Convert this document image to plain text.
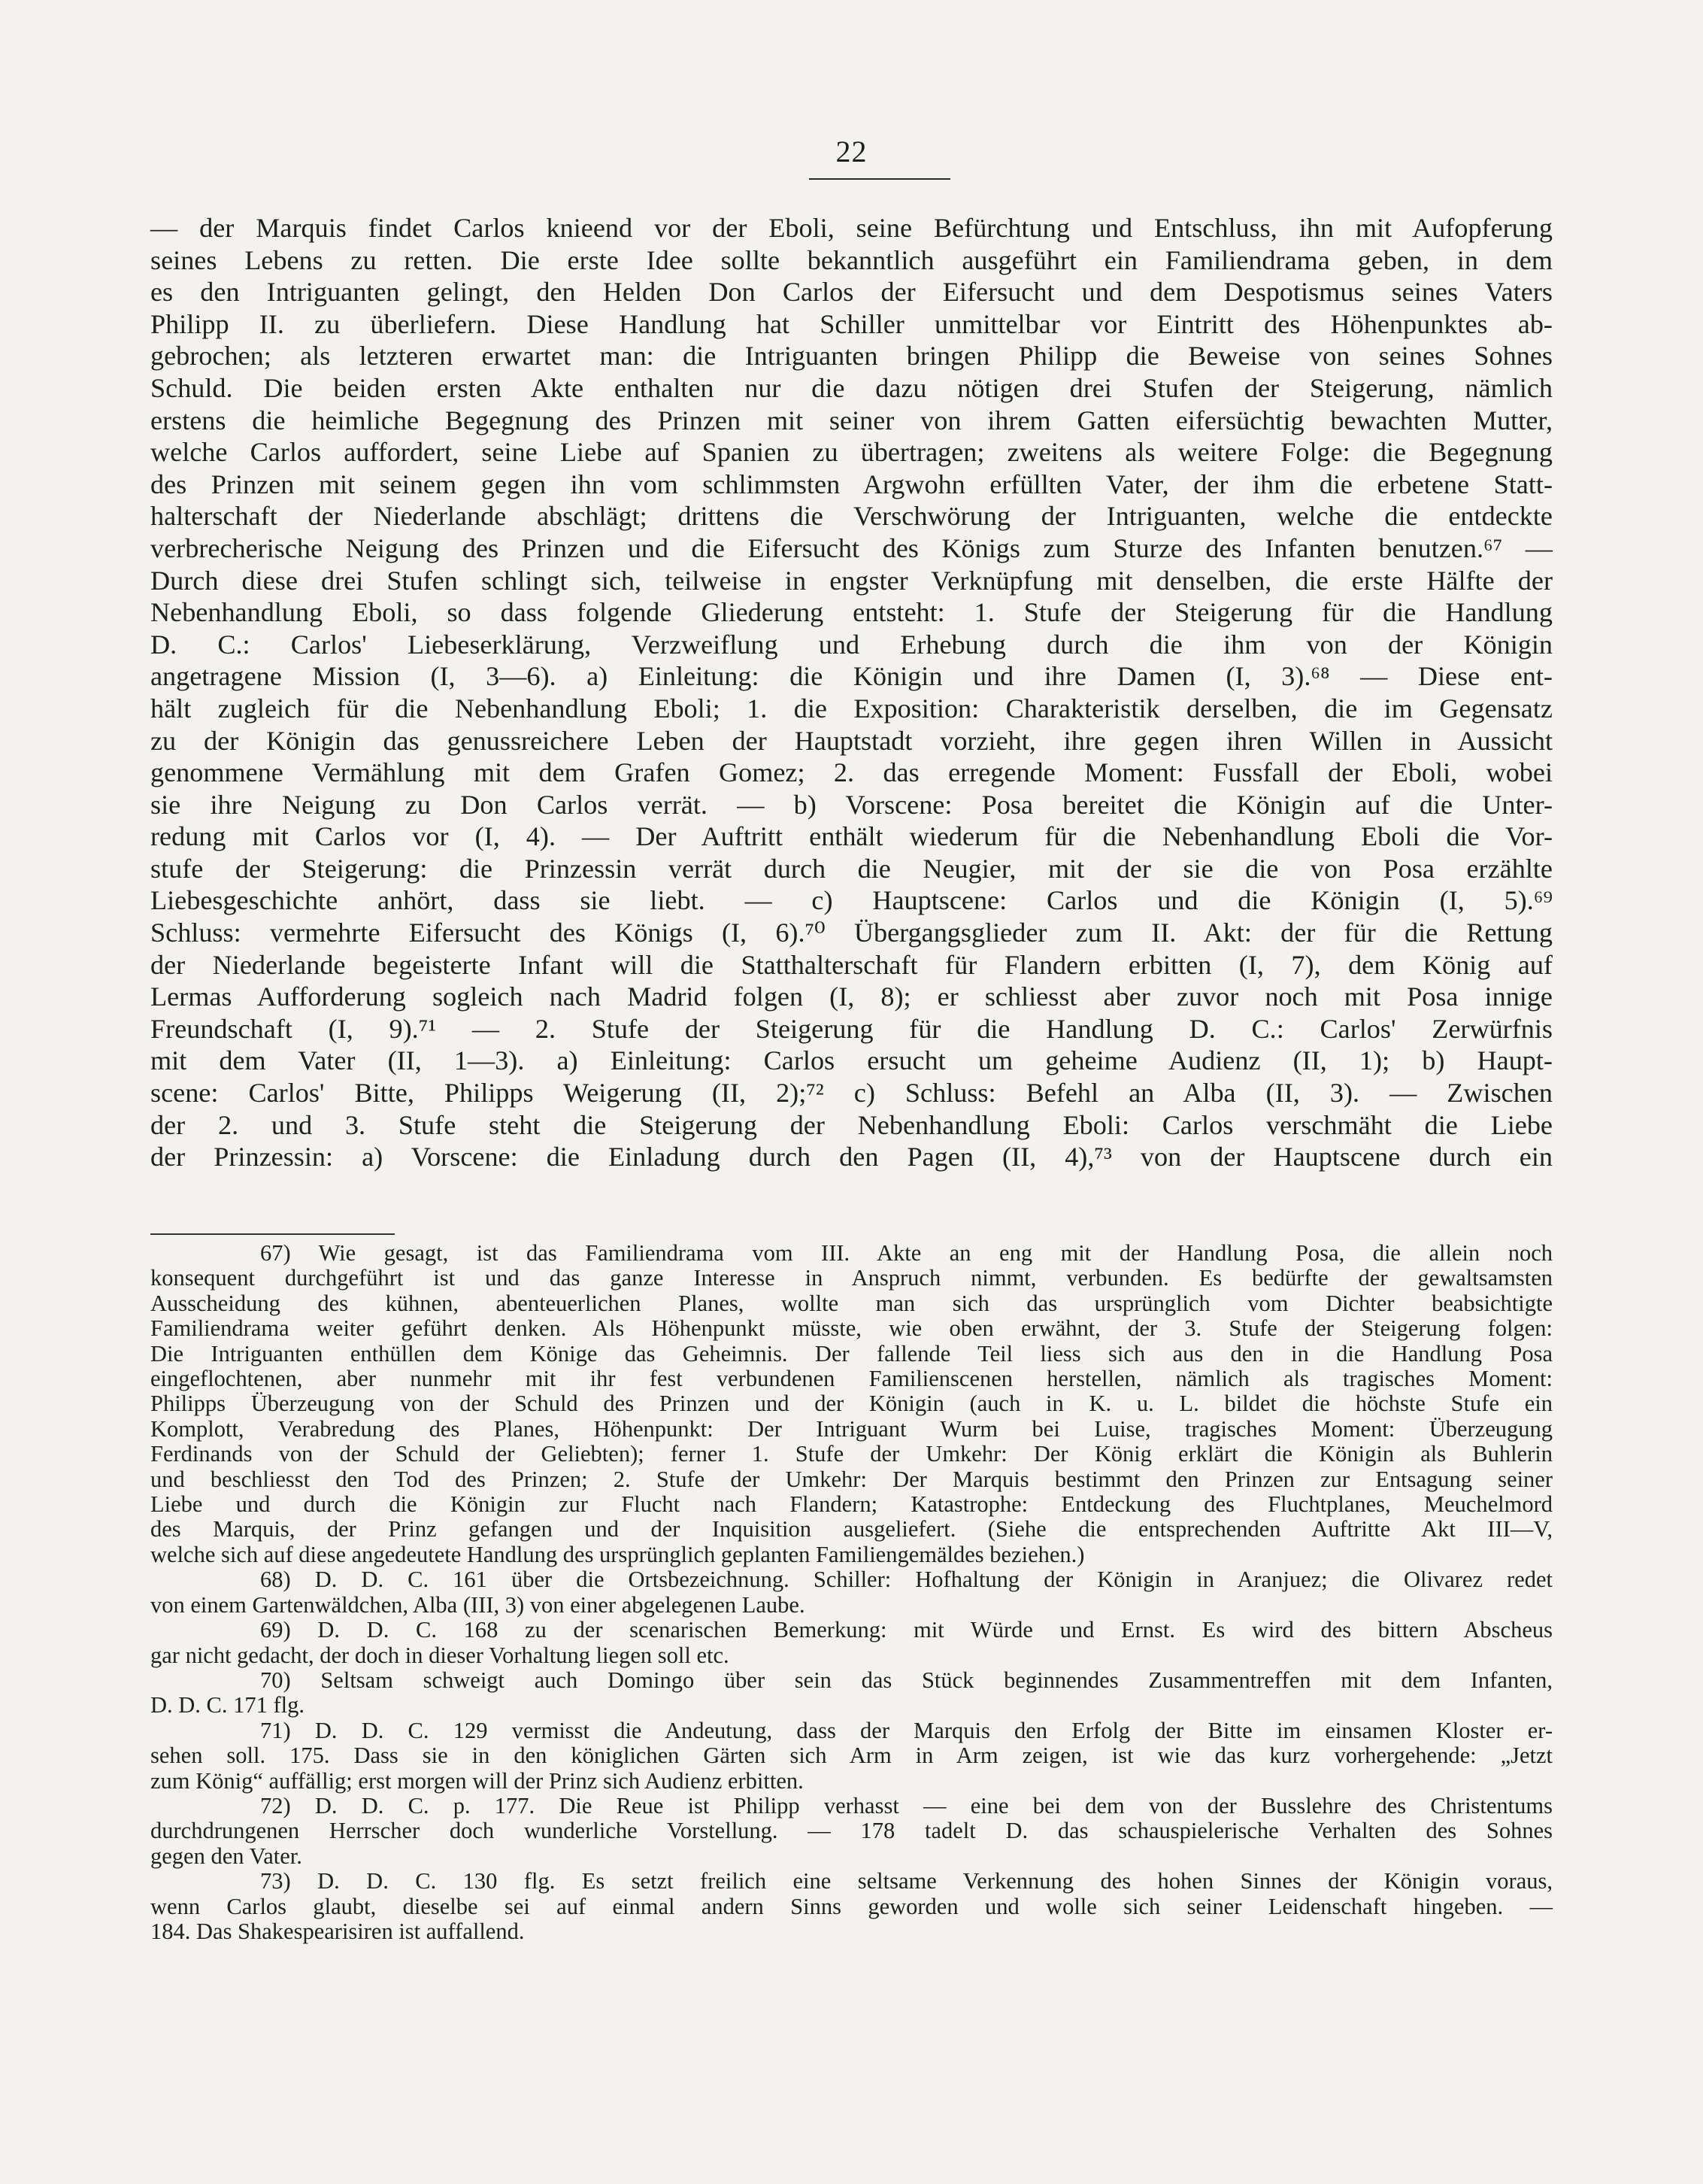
22
— der Marquis findet Carlos knieend vor der Eboli, seine Befürchtung und Entschluss, ihn mit Aufopferung
seines Lebens zu retten. Die erste Idee sollte bekanntlich ausgeführt ein Familiendrama geben, in dem
es den Intriguanten gelingt, den Helden Don Carlos der Eifersucht und dem Despotismus seines Vaters
Philipp II. zu überliefern. Diese Handlung hat Schiller unmittelbar vor Eintritt des Höhenpunktes ab-
gebrochen; als letzteren erwartet man: die Intriguanten bringen Philipp die Beweise von seines Sohnes
Schuld. Die beiden ersten Akte enthalten nur die dazu nötigen drei Stufen der Steigerung, nämlich
erstens die heimliche Begegnung des Prinzen mit seiner von ihrem Gatten eifersüchtig bewachten Mutter,
welche Carlos auffordert, seine Liebe auf Spanien zu übertragen; zweitens als weitere Folge: die Begegnung
des Prinzen mit seinem gegen ihn vom schlimmsten Argwohn erfüllten Vater, der ihm die erbetene Statt-
halterschaft der Niederlande abschlägt; drittens die Verschwörung der Intriguanten, welche die entdeckte
verbrecherische Neigung des Prinzen und die Eifersucht des Königs zum Sturze des Infanten benutzen.⁶⁷ —
Durch diese drei Stufen schlingt sich, teilweise in engster Verknüpfung mit denselben, die erste Hälfte der
Nebenhandlung Eboli, so dass folgende Gliederung entsteht: 1. Stufe der Steigerung für die Handlung
D. C.: Carlos' Liebeserklärung, Verzweiflung und Erhebung durch die ihm von der Königin
angetragene Mission (I, 3—6). a) Einleitung: die Königin und ihre Damen (I, 3).⁶⁸ — Diese ent-
hält zugleich für die Nebenhandlung Eboli; 1. die Exposition: Charakteristik derselben, die im Gegensatz
zu der Königin das genussreichere Leben der Hauptstadt vorzieht, ihre gegen ihren Willen in Aussicht
genommene Vermählung mit dem Grafen Gomez; 2. das erregende Moment: Fussfall der Eboli, wobei
sie ihre Neigung zu Don Carlos verrät. — b) Vorscene: Posa bereitet die Königin auf die Unter-
redung mit Carlos vor (I, 4). — Der Auftritt enthält wiederum für die Nebenhandlung Eboli die Vor-
stufe der Steigerung: die Prinzessin verrät durch die Neugier, mit der sie die von Posa erzählte
Liebesgeschichte anhört, dass sie liebt. — c) Hauptscene: Carlos und die Königin (I, 5).⁶⁹
Schluss: vermehrte Eifersucht des Königs (I, 6).⁷⁰ Übergangsglieder zum II. Akt: der für die Rettung
der Niederlande begeisterte Infant will die Statthalterschaft für Flandern erbitten (I, 7), dem König auf
Lermas Aufforderung sogleich nach Madrid folgen (I, 8); er schliesst aber zuvor noch mit Posa innige
Freundschaft (I, 9).⁷¹ — 2. Stufe der Steigerung für die Handlung D. C.: Carlos' Zerwürfnis
mit dem Vater (II, 1—3). a) Einleitung: Carlos ersucht um geheime Audienz (II, 1); b) Haupt-
scene: Carlos' Bitte, Philipps Weigerung (II, 2);⁷² c) Schluss: Befehl an Alba (II, 3). — Zwischen
der 2. und 3. Stufe steht die Steigerung der Nebenhandlung Eboli: Carlos verschmäht die Liebe
der Prinzessin: a) Vorscene: die Einladung durch den Pagen (II, 4),⁷³ von der Hauptscene durch ein
67) Wie gesagt, ist das Familiendrama vom III. Akte an eng mit der Handlung Posa, die allein noch
konsequent durchgeführt ist und das ganze Interesse in Anspruch nimmt, verbunden. Es bedürfte der gewaltsamsten
Ausscheidung des kühnen, abenteuerlichen Planes, wollte man sich das ursprünglich vom Dichter beabsichtigte
Familiendrama weiter geführt denken. Als Höhenpunkt müsste, wie oben erwähnt, der 3. Stufe der Steigerung folgen:
Die Intriguanten enthüllen dem Könige das Geheimnis. Der fallende Teil liess sich aus den in die Handlung Posa
eingeflochtenen, aber nunmehr mit ihr fest verbundenen Familienscenen herstellen, nämlich als tragisches Moment:
Philipps Überzeugung von der Schuld des Prinzen und der Königin (auch in K. u. L. bildet die höchste Stufe ein
Komplott, Verabredung des Planes, Höhenpunkt: Der Intriguant Wurm bei Luise, tragisches Moment: Überzeugung
Ferdinands von der Schuld der Geliebten); ferner 1. Stufe der Umkehr: Der König erklärt die Königin als Buhlerin
und beschliesst den Tod des Prinzen; 2. Stufe der Umkehr: Der Marquis bestimmt den Prinzen zur Entsagung seiner
Liebe und durch die Königin zur Flucht nach Flandern; Katastrophe: Entdeckung des Fluchtplanes, Meuchelmord
des Marquis, der Prinz gefangen und der Inquisition ausgeliefert. (Siehe die entsprechenden Auftritte Akt III—V,
welche sich auf diese angedeutete Handlung des ursprünglich geplanten Familiengemäldes beziehen.)
68) D. D. C. 161 über die Ortsbezeichnung. Schiller: Hofhaltung der Königin in Aranjuez; die Olivarez redet
von einem Gartenwäldchen, Alba (III, 3) von einer abgelegenen Laube.
69) D. D. C. 168 zu der scenarischen Bemerkung: mit Würde und Ernst. Es wird des bittern Abscheus
gar nicht gedacht, der doch in dieser Vorhaltung liegen soll etc.
70) Seltsam schweigt auch Domingo über sein das Stück beginnendes Zusammentreffen mit dem Infanten,
D. D. C. 171 flg.
71) D. D. C. 129 vermisst die Andeutung, dass der Marquis den Erfolg der Bitte im einsamen Kloster er-
sehen soll. 175. Dass sie in den königlichen Gärten sich Arm in Arm zeigen, ist wie das kurz vorhergehende: „Jetzt
zum König“ auffällig; erst morgen will der Prinz sich Audienz erbitten.
72) D. D. C. p. 177. Die Reue ist Philipp verhasst — eine bei dem von der Busslehre des Christentums
durchdrungenen Herrscher doch wunderliche Vorstellung. — 178 tadelt D. das schauspielerische Verhalten des Sohnes
gegen den Vater.
73) D. D. C. 130 flg. Es setzt freilich eine seltsame Verkennung des hohen Sinnes der Königin voraus,
wenn Carlos glaubt, dieselbe sei auf einmal andern Sinns geworden und wolle sich seiner Leidenschaft hingeben. —
184. Das Shakespearisiren ist auffallend.
